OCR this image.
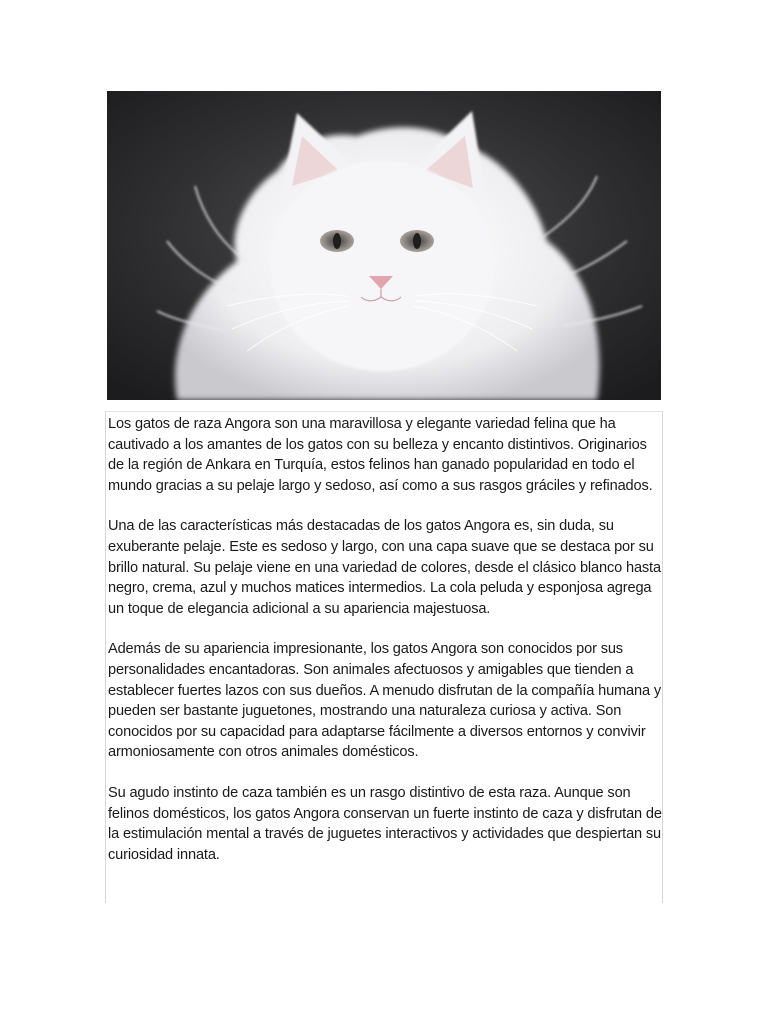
Los gatos de raza Angora son una maravillosa y elegante variedad felina que ha cautivado a los amantes de los gatos con su belleza y encanto distintivos. Originarios de la región de Ankara en Turquía, estos felinos han ganado popularidad en todo el mundo gracias a su pelaje largo y sedoso, así como a sus rasgos gráciles y refinados.

Una de las características más destacadas de los gatos Angora es, sin duda, su exuberante pelaje. Este es sedoso y largo, con una capa suave que se destaca por su brillo natural. Su pelaje viene en una variedad de colores, desde el clásico blanco hasta negro, crema, azul y muchos matices intermedios. La cola peluda y esponjosa agrega un toque de elegancia adicional a su apariencia majestuosa.

Además de su apariencia impresionante, los gatos Angora son conocidos por sus personalidades encantadoras. Son animales afectuosos y amigables que tienden a establecer fuertes lazos con sus dueños. A menudo disfrutan de la compañía humana y pueden ser bastante juguetones, mostrando una naturaleza curiosa y activa. Son conocidos por su capacidad para adaptarse fácilmente a diversos entornos y convivir armoniosamente con otros animales domésticos.

Su agudo instinto de caza también es un rasgo distintivo de esta raza. Aunque son felinos domésticos, los gatos Angora conservan un fuerte instinto de caza y disfrutan de la estimulación mental a través de juguetes interactivos y actividades que despiertan su curiosidad innata.
